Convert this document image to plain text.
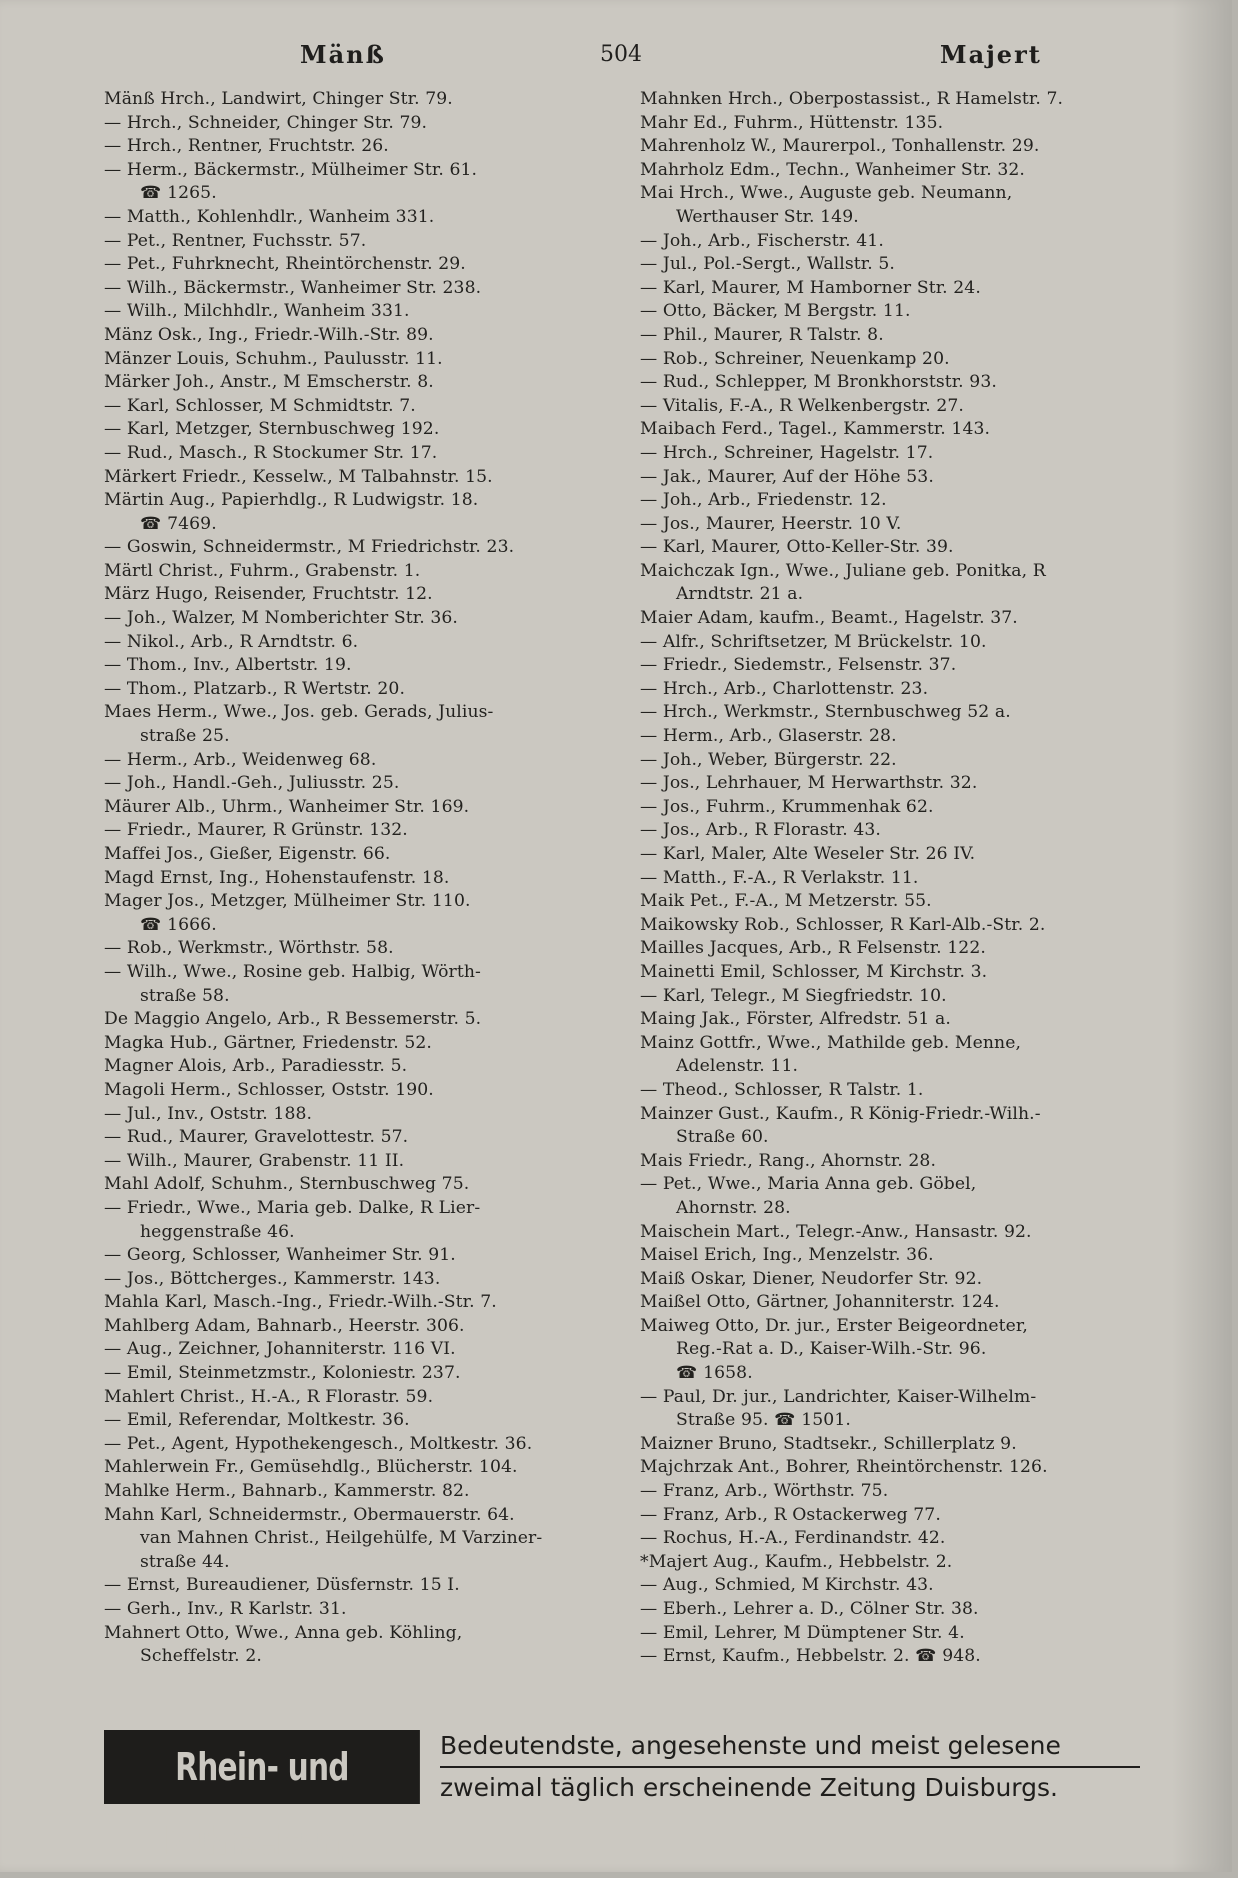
Mänß	504	Majert
Mänß Hrch., Landwirt, Chinger Str. 79.
— Hrch., Schneider, Chinger Str. 79.
— Hrch., Rentner, Fruchtstr. 26.
— Herm., Bäckermstr., Mülheimer Str. 61.
☎ 1265.
— Matth., Kohlenhdlr., Wanheim 331.
— Pet., Rentner, Fuchsstr. 57.
— Pet., Fuhrknecht, Rheintörchenstr. 29.
— Wilh., Bäckermstr., Wanheimer Str. 238.
— Wilh., Milchhdlr., Wanheim 331.
Mänz Osk., Ing., Friedr.-Wilh.-Str. 89.
Mänzer Louis, Schuhm., Paulusstr. 11.
Märker Joh., Anstr., M Emscherstr. 8.
— Karl, Schlosser, M Schmidtstr. 7.
— Karl, Metzger, Sternbuschweg 192.
— Rud., Masch., R Stockumer Str. 17.
Märkert Friedr., Kesselw., M Talbahnstr. 15.
Märtin Aug., Papierhdlg., R Ludwigstr. 18.
☎ 7469.
— Goswin, Schneidermstr., M Friedrichstr. 23.
Märtl Christ., Fuhrm., Grabenstr. 1.
März Hugo, Reisender, Fruchtstr. 12.
— Joh., Walzer, M Nomberichter Str. 36.
— Nikol., Arb., R Arndtstr. 6.
— Thom., Inv., Albertstr. 19.
— Thom., Platzarb., R Wertstr. 20.
Maes Herm., Wwe., Jos. geb. Gerads, Julius-
straße 25.
— Herm., Arb., Weidenweg 68.
— Joh., Handl.-Geh., Juliusstr. 25.
Mäurer Alb., Uhrm., Wanheimer Str. 169.
— Friedr., Maurer, R Grünstr. 132.
Maffei Jos., Gießer, Eigenstr. 66.
Magd Ernst, Ing., Hohenstaufenstr. 18.
Mager Jos., Metzger, Mülheimer Str. 110.
☎ 1666.
— Rob., Werkmstr., Wörthstr. 58.
— Wilh., Wwe., Rosine geb. Halbig, Wörth-
straße 58.
De Maggio Angelo, Arb., R Bessemerstr. 5.
Magka Hub., Gärtner, Friedenstr. 52.
Magner Alois, Arb., Paradiesstr. 5.
Magoli Herm., Schlosser, Oststr. 190.
— Jul., Inv., Oststr. 188.
— Rud., Maurer, Gravelottestr. 57.
— Wilh., Maurer, Grabenstr. 11 II.
Mahl Adolf, Schuhm., Sternbuschweg 75.
— Friedr., Wwe., Maria geb. Dalke, R Lier-
heggenstraße 46.
— Georg, Schlosser, Wanheimer Str. 91.
— Jos., Böttcherges., Kammerstr. 143.
Mahla Karl, Masch.-Ing., Friedr.-Wilh.-Str. 7.
Mahlberg Adam, Bahnarb., Heerstr. 306.
— Aug., Zeichner, Johanniterstr. 116 VI.
— Emil, Steinmetzmstr., Koloniestr. 237.
Mahlert Christ., H.-A., R Florastr. 59.
— Emil, Referendar, Moltkestr. 36.
— Pet., Agent, Hypothekengesch., Moltkestr. 36.
Mahlerwein Fr., Gemüsehdlg., Blücherstr. 104.
Mahlke Herm., Bahnarb., Kammerstr. 82.
Mahn Karl, Schneidermstr., Obermauerstr. 64.
van Mahnen Christ., Heilgehülfe, M Varziner-
straße 44.
— Ernst, Bureaudiener, Düsfernstr. 15 I.
— Gerh., Inv., R Karlstr. 31.
Mahnert Otto, Wwe., Anna geb. Köhling,
Scheffelstr. 2.
Mahnken Hrch., Oberpostassist., R Hamelstr. 7.
Mahr Ed., Fuhrm., Hüttenstr. 135.
Mahrenholz W., Maurerpol., Tonhallenstr. 29.
Mahrholz Edm., Techn., Wanheimer Str. 32.
Mai Hrch., Wwe., Auguste geb. Neumann,
Werthauser Str. 149.
— Joh., Arb., Fischerstr. 41.
— Jul., Pol.-Sergt., Wallstr. 5.
— Karl, Maurer, M Hamborner Str. 24.
— Otto, Bäcker, M Bergstr. 11.
— Phil., Maurer, R Talstr. 8.
— Rob., Schreiner, Neuenkamp 20.
— Rud., Schlepper, M Bronkhorststr. 93.
— Vitalis, F.-A., R Welkenbergstr. 27.
Maibach Ferd., Tagel., Kammerstr. 143.
— Hrch., Schreiner, Hagelstr. 17.
— Jak., Maurer, Auf der Höhe 53.
— Joh., Arb., Friedenstr. 12.
— Jos., Maurer, Heerstr. 10 V.
— Karl, Maurer, Otto-Keller-Str. 39.
Maichczak Ign., Wwe., Juliane geb. Ponitka, R
Arndtstr. 21 a.
Maier Adam, kaufm., Beamt., Hagelstr. 37.
— Alfr., Schriftsetzer, M Brückelstr. 10.
— Friedr., Siedemstr., Felsenstr. 37.
— Hrch., Arb., Charlottenstr. 23.
— Hrch., Werkmstr., Sternbuschweg 52 a.
— Herm., Arb., Glaserstr. 28.
— Joh., Weber, Bürgerstr. 22.
— Jos., Lehrhauer, M Herwarthstr. 32.
— Jos., Fuhrm., Krummenhak 62.
— Jos., Arb., R Florastr. 43.
— Karl, Maler, Alte Weseler Str. 26 IV.
— Matth., F.-A., R Verlakstr. 11.
Maik Pet., F.-A., M Metzerstr. 55.
Maikowsky Rob., Schlosser, R Karl-Alb.-Str. 2.
Mailles Jacques, Arb., R Felsenstr. 122.
Mainetti Emil, Schlosser, M Kirchstr. 3.
— Karl, Telegr., M Siegfriedstr. 10.
Maing Jak., Förster, Alfredstr. 51 a.
Mainz Gottfr., Wwe., Mathilde geb. Menne,
Adelenstr. 11.
— Theod., Schlosser, R Talstr. 1.
Mainzer Gust., Kaufm., R König-Friedr.-Wilh.-
Straße 60.
Mais Friedr., Rang., Ahornstr. 28.
— Pet., Wwe., Maria Anna geb. Göbel,
Ahornstr. 28.
Maischein Mart., Telegr.-Anw., Hansastr. 92.
Maisel Erich, Ing., Menzelstr. 36.
Maiß Oskar, Diener, Neudorfer Str. 92.
Maißel Otto, Gärtner, Johanniterstr. 124.
Maiweg Otto, Dr. jur., Erster Beigeordneter,
Reg.-Rat a. D., Kaiser-Wilh.-Str. 96.
☎ 1658.
— Paul, Dr. jur., Landrichter, Kaiser-Wilhelm-
Straße 95. ☎ 1501.
Maizner Bruno, Stadtsekr., Schillerplatz 9.
Majchrzak Ant., Bohrer, Rheintörchenstr. 126.
— Franz, Arb., Wörthstr. 75.
— Franz, Arb., R Ostackerweg 77.
— Rochus, H.-A., Ferdinandstr. 42.
*Majert Aug., Kaufm., Hebbelstr. 2.
— Aug., Schmied, M Kirchstr. 43.
— Eberh., Lehrer a. D., Cölner Str. 38.
— Emil, Lehrer, M Dümptener Str. 4.
— Ernst, Kaufm., Hebbelstr. 2. ☎ 948.
Rhein- und Ruhrzeitung
Bedeutendste, angesehenste und meist gelesene
zweimal täglich erscheinende Zeitung Duisburgs.
